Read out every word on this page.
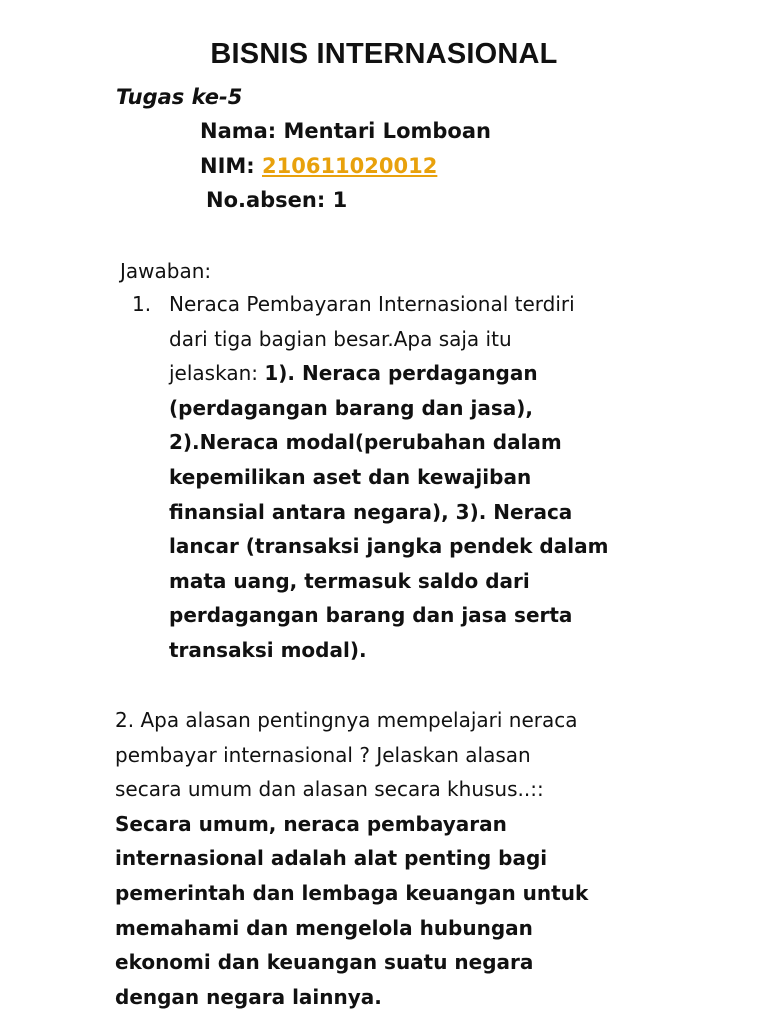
BISNIS INTERNASIONAL
Tugas ke-5
Nama: Mentari Lomboan
NIM: 210611020012
No.absen: 1
Jawaban:
1. Neraca Pembayaran Internasional terdiri
dari tiga bagian besar.Apa saja itu
jelaskan: 1). Neraca perdagangan
(perdagangan barang dan jasa),
2).Neraca modal(perubahan dalam
kepemilikan aset dan kewajiban
finansial antara negara), 3). Neraca
lancar (transaksi jangka pendek dalam
mata uang, termasuk saldo dari
perdagangan barang dan jasa serta
transaksi modal).
2. Apa alasan pentingnya mempelajari neraca
pembayar internasional ? Jelaskan alasan
secara umum dan alasan secara khusus..::
Secara umum, neraca pembayaran
internasional adalah alat penting bagi
pemerintah dan lembaga keuangan untuk
memahami dan mengelola hubungan
ekonomi dan keuangan suatu negara
dengan negara lainnya.
